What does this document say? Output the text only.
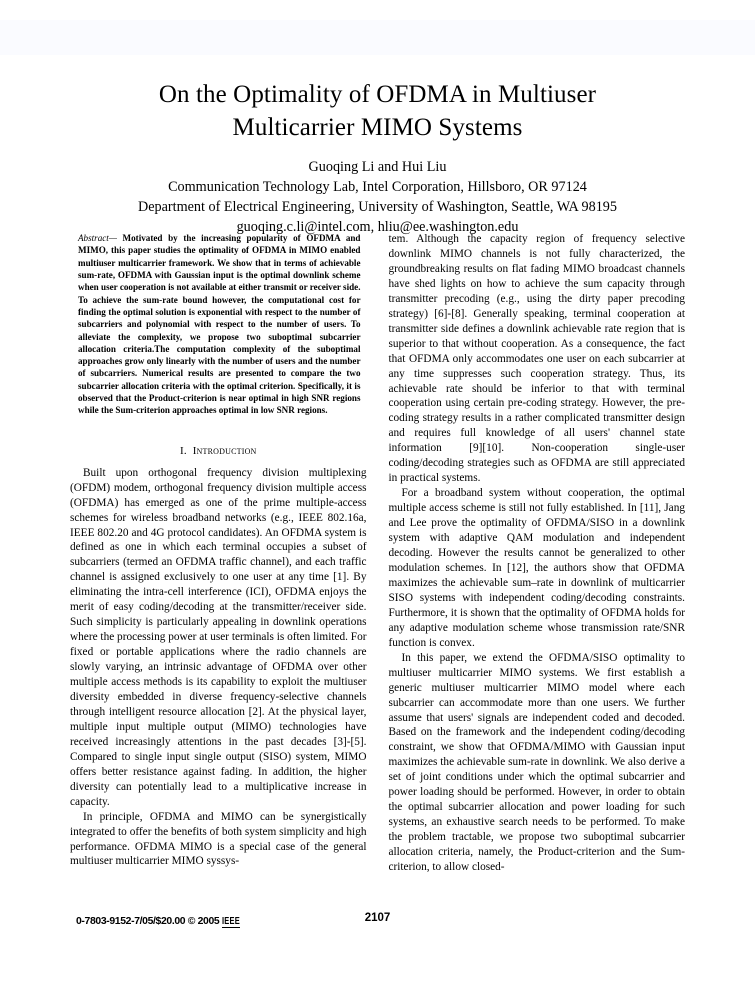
On the Optimality of OFDMA in Multiuser
Multicarrier MIMO Systems
Guoqing Li and Hui Liu
Communication Technology Lab, Intel Corporation, Hillsboro, OR 97124
Department of Electrical Engineering, University of Washington, Seattle, WA 98195
guoqing.c.li@intel.com, hliu@ee.washington.edu

Abstract— Motivated by the increasing popularity of OFDMA and MIMO, this paper studies the optimality of OFDMA in MIMO enabled multiuser multicarrier framework. We show that in terms of achievable sum-rate, OFDMA with Gaussian input is the optimal downlink scheme when user cooperation is not available at either transmit or receiver side. To achieve the sum-rate bound however, the computational cost for finding the optimal solution is exponential with respect to the number of subcarriers and polynomial with respect to the number of users. To alleviate the complexity, we propose two suboptimal subcarrier allocation criteria.The computation complexity of the suboptimal approaches grow only linearly with the number of users and the number of subcarriers. Numerical results are presented to compare the two subcarrier allocation criteria with the optimal criterion. Specifically, it is observed that the Product-criterion is near optimal in high SNR regions while the Sum-criterion approaches optimal in low SNR regions.

I. Introduction

Built upon orthogonal frequency division multiplexing (OFDM) modem, orthogonal frequency division multiple access (OFDMA) has emerged as one of the prime multiple-access schemes for wireless broadband networks (e.g., IEEE 802.16a, IEEE 802.20 and 4G protocol candidates). An OFDMA system is defined as one in which each terminal occupies a subset of subcarriers (termed an OFDMA traffic channel), and each traffic channel is assigned exclusively to one user at any time [1]. By eliminating the intra-cell interference (ICI), OFDMA enjoys the merit of easy coding/decoding at the transmitter/receiver side. Such simplicity is particularly appealing in downlink operations where the processing power at user terminals is often limited. For fixed or portable applications where the radio channels are slowly varying, an intrinsic advantage of OFDMA over other multiple access methods is its capability to exploit the multiuser diversity embedded in diverse frequency-selective channels through intelligent resource allocation [2]. At the physical layer, multiple input multiple output (MIMO) technologies have received increasingly attentions in the past decades [3]-[5]. Compared to single input single output (SISO) system, MIMO offers better resistance against fading. In addition, the higher diversity can potentially lead to a multiplicative increase in capacity.

In principle, OFDMA and MIMO can be synergistically integrated to offer the benefits of both system simplicity and high performance. OFDMA MIMO is a special case of the general multiuser multicarrier MIMO syssys-

tem. Although the capacity region of frequency selective downlink MIMO channels is not fully characterized, the groundbreaking results on flat fading MIMO broadcast channels have shed lights on how to achieve the sum capacity through transmitter precoding (e.g., using the dirty paper precoding strategy) [6]-[8]. Generally speaking, terminal cooperation at transmitter side defines a downlink achievable rate region that is superior to that without cooperation. As a consequence, the fact that OFDMA only accommodates one user on each subcarrier at any time suppresses such cooperation strategy. Thus, its achievable rate should be inferior to that with terminal cooperation using certain pre-coding strategy. However, the pre-coding strategy results in a rather complicated transmitter design and requires full knowledge of all users' channel state information [9][10]. Non-cooperation single-user coding/decoding strategies such as OFDMA are still appreciated in practical systems.

For a broadband system without cooperation, the optimal multiple access scheme is still not fully established. In [11], Jang and Lee prove the optimality of OFDMA/SISO in a downlink system with adaptive QAM modulation and independent decoding. However the results cannot be generalized to other modulation schemes. In [12], the authors show that OFDMA maximizes the achievable sum–rate in downlink of multicarrier SISO systems with independent coding/decoding constraints. Furthermore, it is shown that the optimality of OFDMA holds for any adaptive modulation scheme whose transmission rate/SNR function is convex.

In this paper, we extend the OFDMA/SISO optimality to multiuser multicarrier MIMO systems. We first establish a generic multiuser multicarrier MIMO model where each subcarrier can accommodate more than one users. We further assume that users' signals are independent coded and decoded. Based on the framework and the independent coding/decoding constraint, we show that OFDMA/MIMO with Gaussian input maximizes the achievable sum-rate in downlink. We also derive a set of joint conditions under which the optimal subcarrier and power loading should be performed. However, in order to obtain the optimal subcarrier allocation and power loading for such systems, an exhaustive search needs to be performed. To make the problem tractable, we propose two suboptimal subcarrier allocation criteria, namely, the Product-criterion and the Sum-criterion, to allow closed-

0-7803-9152-7/05/$20.00 © 2005 IEEE	2107
